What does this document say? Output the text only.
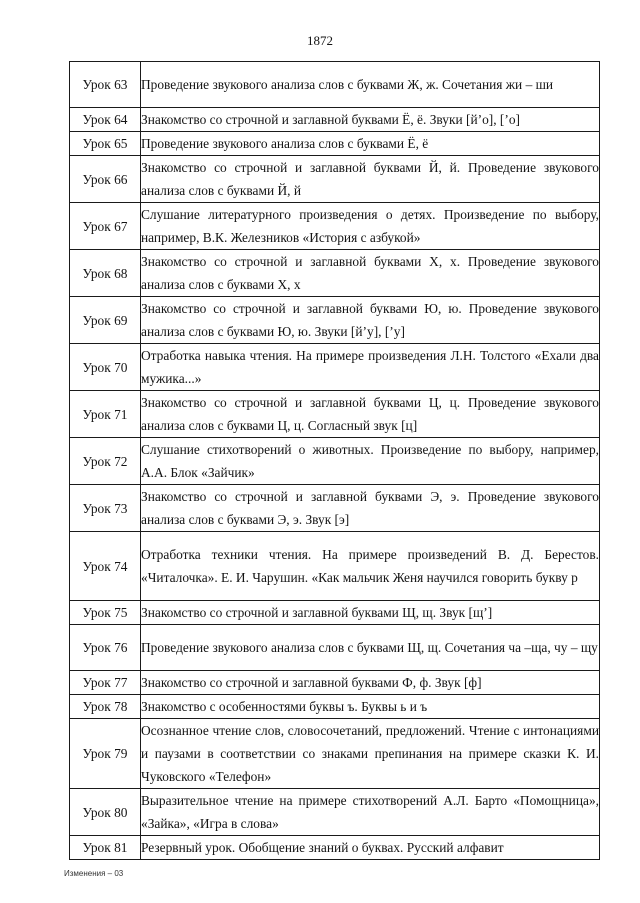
1872
Урок 63	Проведение звукового анализа слов с буквами Ж, ж. Сочетания жи – ши
Урок 64	Знакомство со строчной и заглавной буквами Ё, ё. Звуки [й’о], [’о]
Урок 65	Проведение звукового анализа слов с буквами Ё, ё
Урок 66	Знакомство со строчной и заглавной буквами Й, й. Проведение звукового анализа слов с буквами Й, й
Урок 67	Слушание литературного произведения о детях. Произведение по выбору, например, В.К. Железников «История с азбукой»
Урок 68	Знакомство со строчной и заглавной буквами Х, х. Проведение звукового анализа слов с буквами Х, х
Урок 69	Знакомство со строчной и заглавной буквами Ю, ю. Проведение звукового анализа слов с буквами Ю, ю. Звуки [й’у], [’у]
Урок 70	Отработка навыка чтения. На примере произведения Л.Н. Толстого «Ехали два мужика...»
Урок 71	Знакомство со строчной и заглавной буквами Ц, ц. Проведение звукового анализа слов с буквами Ц, ц. Согласный звук [ц]
Урок 72	Слушание стихотворений о животных. Произведение по выбору, например, А.А. Блок «Зайчик»
Урок 73	Знакомство со строчной и заглавной буквами Э, э. Проведение звукового анализа слов с буквами Э, э. Звук [э]
Урок 74	Отработка техники чтения. На примере произведений В. Д. Берестов. «Читалочка». Е. И. Чарушин. «Как мальчик Женя научился говорить букву р
Урок 75	Знакомство со строчной и заглавной буквами Щ, щ. Звук [щ’]
Урок 76	Проведение звукового анализа слов с буквами Щ, щ. Сочетания ча –ща, чу – щу
Урок 77	Знакомство со строчной и заглавной буквами Ф, ф. Звук [ф]
Урок 78	Знакомство с особенностями буквы ъ. Буквы ь и ъ
Урок 79	Осознанное чтение слов, словосочетаний, предложений. Чтение с интонациями и паузами в соответствии со знаками препинания на примере сказки К. И. Чуковского «Телефон»
Урок 80	Выразительное чтение на примере стихотворений А.Л. Барто «Помощница», «Зайка», «Игра в слова»
Урок 81	Резервный урок. Обобщение знаний о буквах. Русский алфавит
Изменения – 03
